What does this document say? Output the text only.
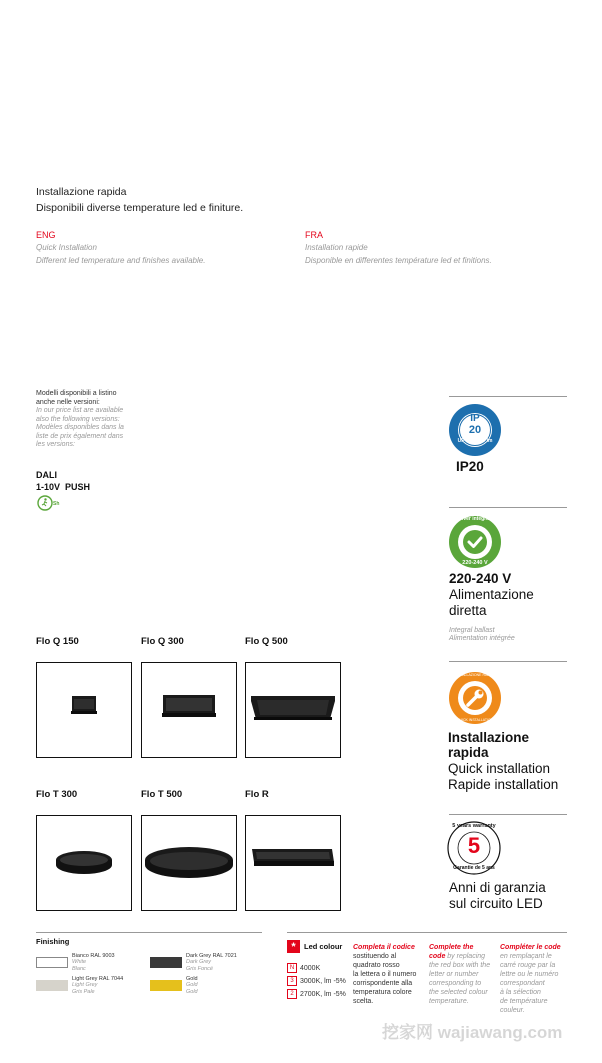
Installazione rapida
Disponibili diverse temperature led e finiture.
ENG
Quick Installation
Different led temperature and finishes available.
FRA
Installation rapide
Disponible en differentes température led et finitions.
Modelli disponibili a listino
anche nelle versioni:
In our price list are available
also the following versions:
Modèles disponibles dans la
liste de prix également dans
les versions:
DALI
1-10V  PUSH
Sh
Flo Q 150	Flo Q 300	Flo Q 500
Flo T 300	Flo T 500	Flo R
IP
20
UP TO 4200 lm
IP20
Driver integrato
220-240 V
220-240 V
Alimentazione
diretta
Integral ballast
Alimentation intégrée
INSTALLAZIONE RAPIDA
QUICK INSTALLATION
Installazione
rapida
Quick installation
Rapide installation
5 years warranty
5
Garantie de 5 ans
Anni di garanzia
sul circuito LED
Finishing
Bianco RAL 9003
White
Blanc
Dark Grey RAL 7021
Dark Grey
Gris Foncé
Light Grey RAL 7044
Light Grey
Gris Pale
Gold
Gold
Gold
*	Led colour
N 4000K
3 3000K, lm -5%
2 2700K, lm -5%
Completa il codice
sostituendo al
quadrato rosso
la lettera o il numero
corrispondente alla
temperatura colore
scelta.
Complete the
code by replacing
the red box with the
letter or number
corresponding to
the selected colour
temperature.
Compléter le code
en remplaçant le
carré rouge par la
lettre ou le numéro
correspondant
à la sélection
de température
couleur.
挖家网 wajiawang.com
